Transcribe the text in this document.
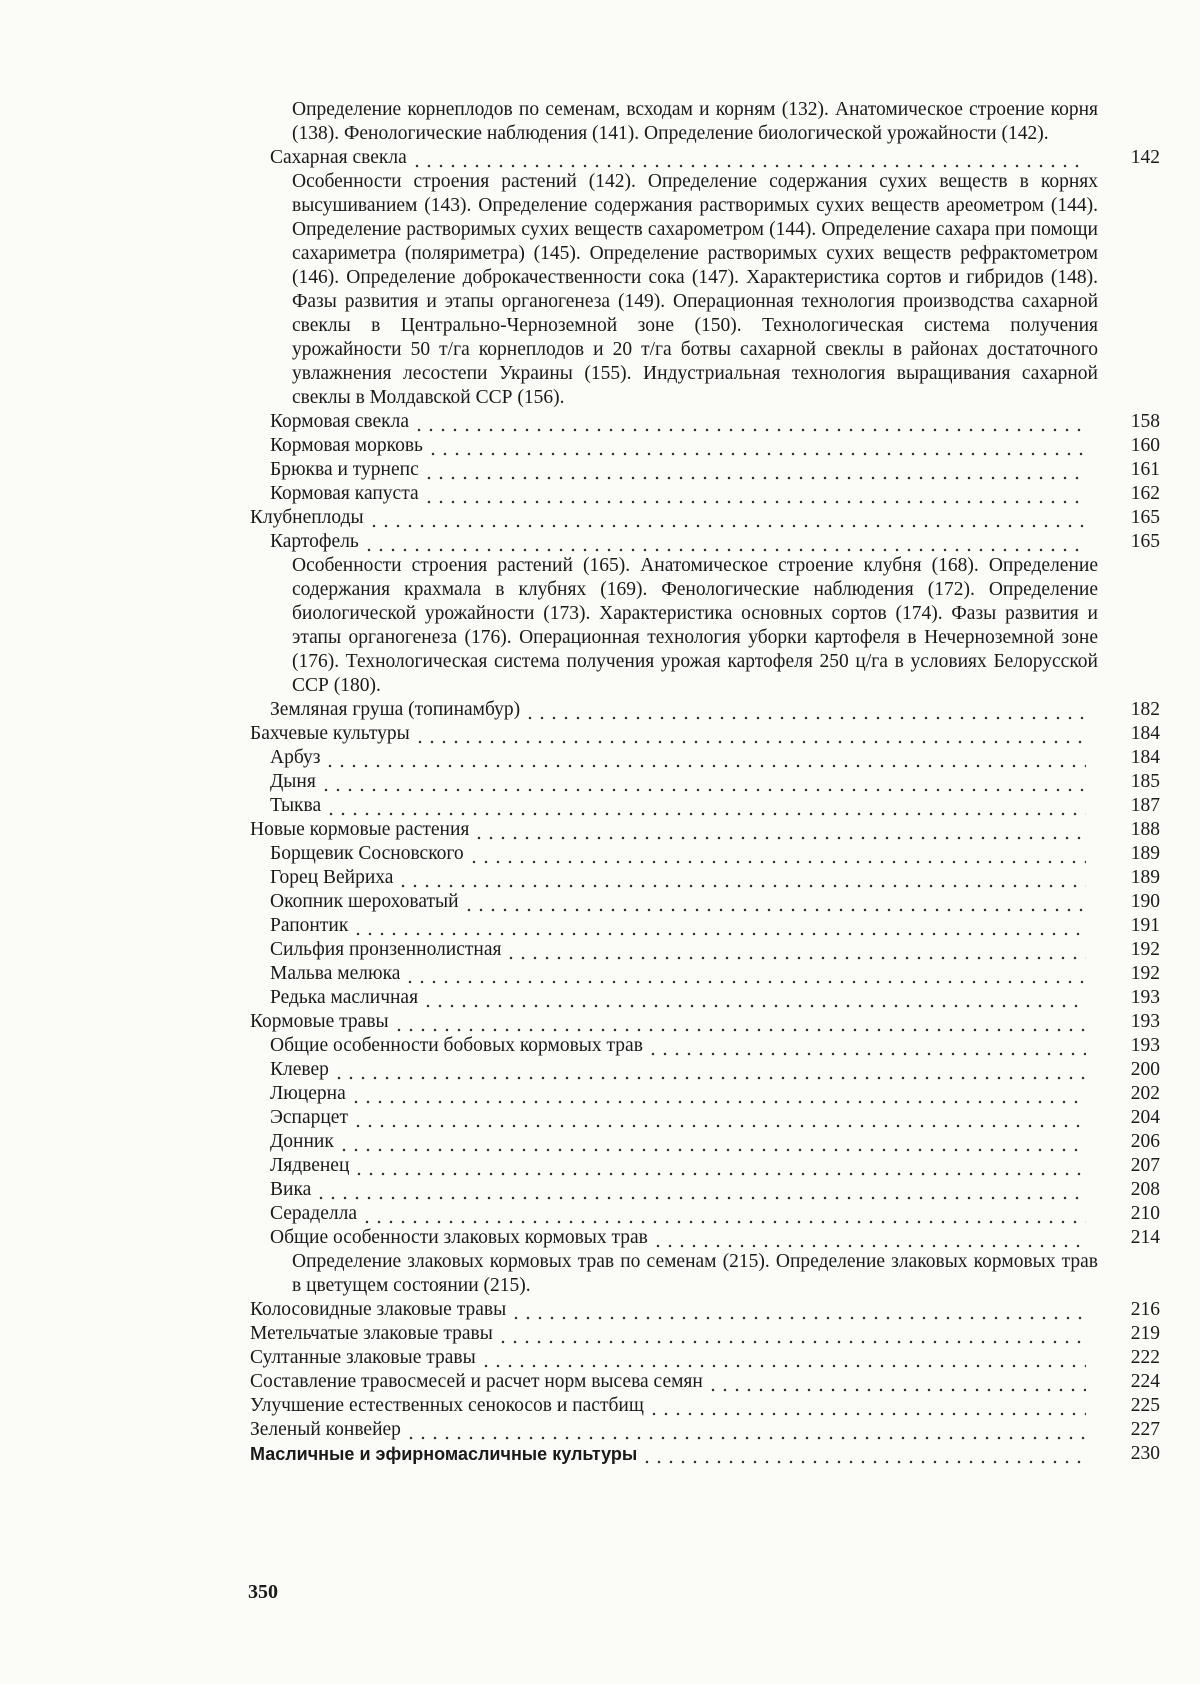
Определение корнеплодов по семенам, всходам и корням (132). Анатомическое строение корня (138). Фенологические наблюдения (141). Определение биологической урожайности (142).
Сахарная свекла	142
Особенности строения растений (142). Определение содержания сухих веществ в корнях высушиванием (143). Определение содержания растворимых сухих веществ ареометром (144). Определение растворимых сухих веществ сахарометром (144). Определение сахара при помощи сахариметра (поляриметра) (145). Определение растворимых сухих веществ рефрактометром (146). Определение доброкачественности сока (147). Характеристика сортов и гибридов (148). Фазы развития и этапы органогенеза (149). Операционная технология производства сахарной свеклы в Центрально-Черноземной зоне (150). Технологическая система получения урожайности 50 т/га корнеплодов и 20 т/га ботвы сахарной свеклы в районах достаточного увлажнения лесостепи Украины (155). Индустриальная технология выращивания сахарной свеклы в Молдавской ССР (156).
Кормовая свекла	158
Кормовая морковь	160
Брюква и турнепс	161
Кормовая капуста	162
Клубнеплоды	165
Картофель	165
Особенности строения растений (165). Анатомическое строение клубня (168). Определение содержания крахмала в клубнях (169). Фенологические наблюдения (172). Определение биологической урожайности (173). Характеристика основных сортов (174). Фазы развития и этапы органогенеза (176). Операционная технология уборки картофеля в Нечерноземной зоне (176). Технологическая система получения урожая картофеля 250 ц/га в условиях Белорусской ССР (180).
Земляная груша (топинамбур)	182
Бахчевые культуры	184
Арбуз	184
Дыня	185
Тыква	187
Новые кормовые растения	188
Борщевик Сосновского	189
Горец Вейриха	189
Окопник шероховатый	190
Рапонтик	191
Сильфия пронзеннолистная	192
Мальва мелюка	192
Редька масличная	193
Кормовые травы	193
Общие особенности бобовых кормовых трав	193
Клевер	200
Люцерна	202
Эспарцет	204
Донник	206
Лядвенец	207
Вика	208
Сераделла	210
Общие особенности злаковых кормовых трав	214
Определение злаковых кормовых трав по семенам (215). Определение злаковых кормовых трав в цветущем состоянии (215).
Колосовидные злаковые травы	216
Метельчатые злаковые травы	219
Султанные злаковые травы	222
Составление травосмесей и расчет норм высева семян	224
Улучшение естественных сенокосов и пастбищ	225
Зеленый конвейер	227
Масличные и эфирномасличные культуры	230
350
